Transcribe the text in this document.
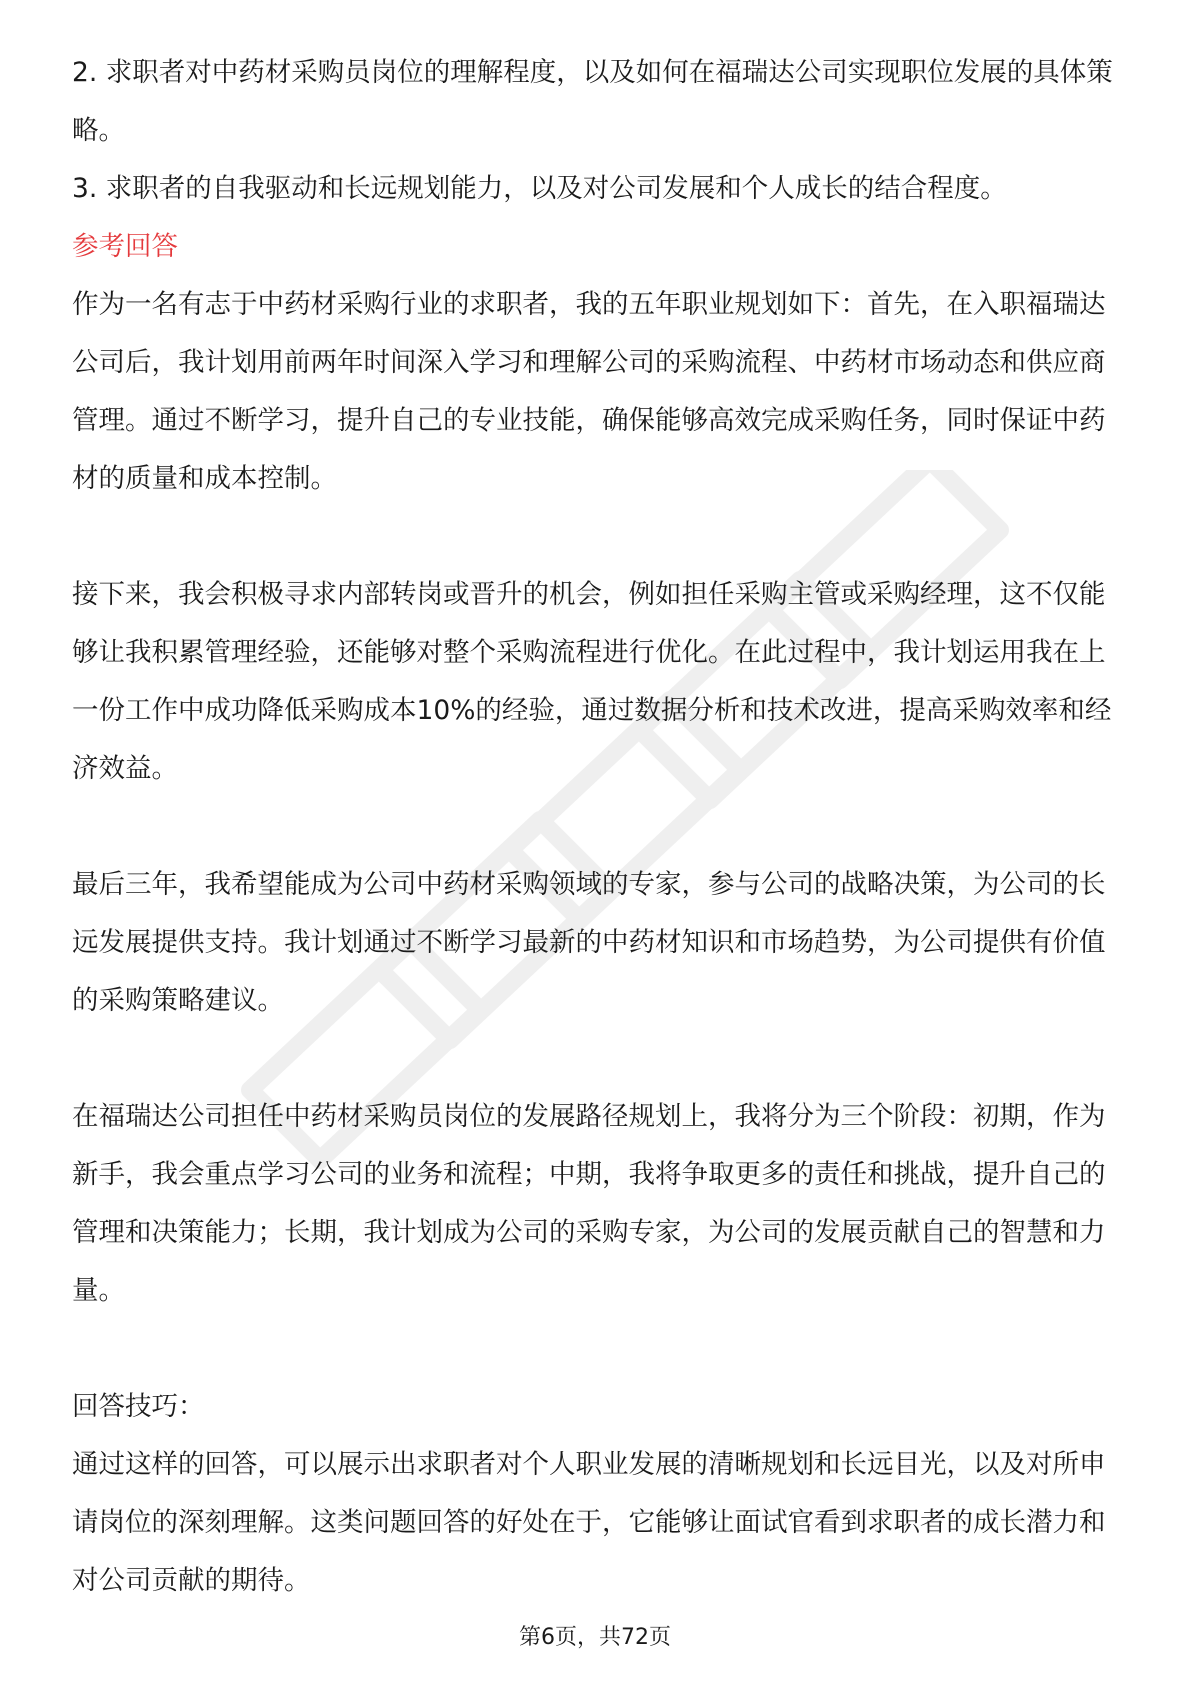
2. 求职者对中药材采购员岗位的理解程度，以及如何在福瑞达公司实现职位发展的具体策略。

3. 求职者的自我驱动和长远规划能力，以及对公司发展和个人成长的结合程度。

参考回答

作为一名有志于中药材采购行业的求职者，我的五年职业规划如下：首先，在入职福瑞达公司后，我计划用前两年时间深入学习和理解公司的采购流程、中药材市场动态和供应商管理。通过不断学习，提升自己的专业技能，确保能够高效完成采购任务，同时保证中药材的质量和成本控制。

接下来，我会积极寻求内部转岗或晋升的机会，例如担任采购主管或采购经理，这不仅能够让我积累管理经验，还能够对整个采购流程进行优化。在此过程中，我计划运用我在上一份工作中成功降低采购成本10%的经验，通过数据分析和技术改进，提高采购效率和经济效益。

最后三年，我希望能成为公司中药材采购领域的专家，参与公司的战略决策，为公司的长远发展提供支持。我计划通过不断学习最新的中药材知识和市场趋势，为公司提供有价值的采购策略建议。

在福瑞达公司担任中药材采购员岗位的发展路径规划上，我将分为三个阶段：初期，作为新手，我会重点学习公司的业务和流程；中期，我将争取更多的责任和挑战，提升自己的管理和决策能力；长期，我计划成为公司的采购专家，为公司的发展贡献自己的智慧和力量。

回答技巧：

通过这样的回答，可以展示出求职者对个人职业发展的清晰规划和长远目光，以及对所申请岗位的深刻理解。这类问题回答的好处在于，它能够让面试官看到求职者的成长潜力和对公司贡献的期待。

第6页，共72页
